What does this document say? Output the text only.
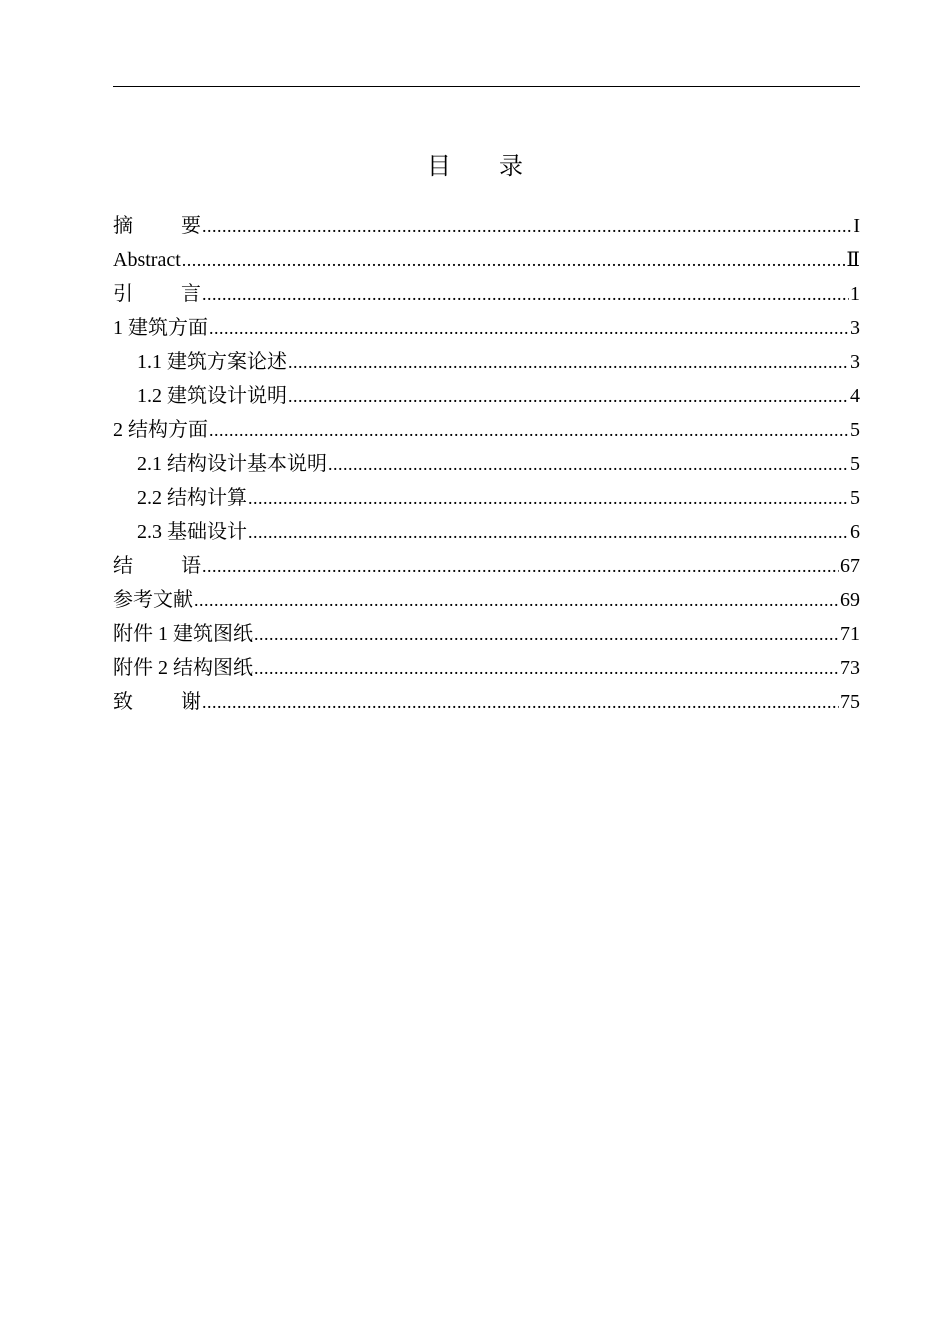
目 录
摘要 .....	I
Abstract .....	Ⅱ
引言 .....	1
1 建筑方面 .....	3
1.1 建筑方案论述 .....	3
1.2 建筑设计说明 .....	4
2 结构方面 .....	5
2.1 结构设计基本说明 .....	5
2.2 结构计算 .....	5
2.3 基础设计 .....	6
结语 .....	67
参考文献 .....	69
附件 1 建筑图纸 .....	71
附件 2 结构图纸 .....	73
致谢 .....	75
